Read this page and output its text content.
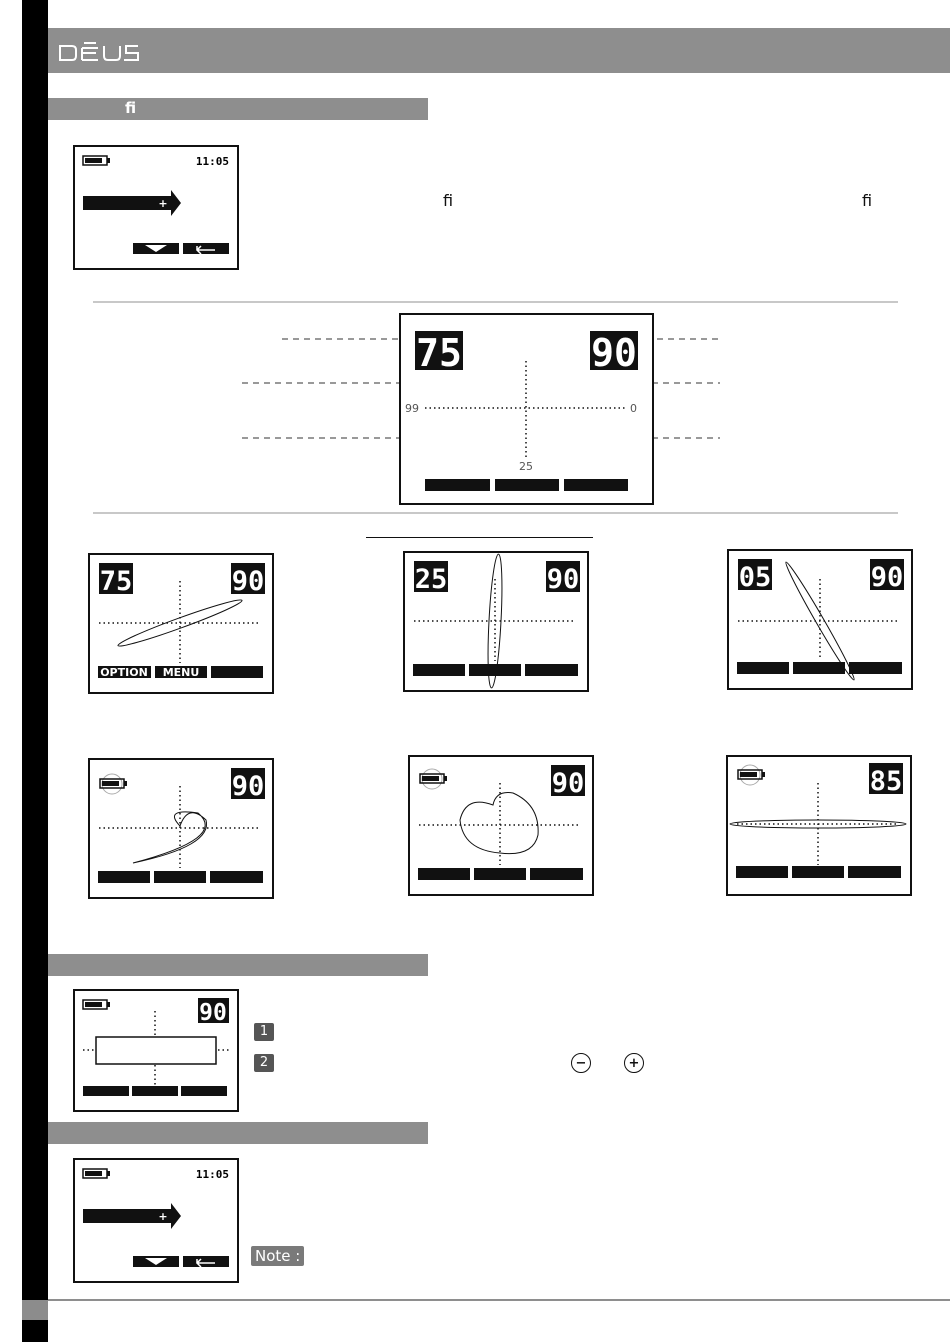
DEUS
fi
11:05
+	fi	fi
75	90
99	0
25
75	90
OPTION MENU
25	90	05	90
90	90	85
90
1
2	−	+
11:05
+
Note :
